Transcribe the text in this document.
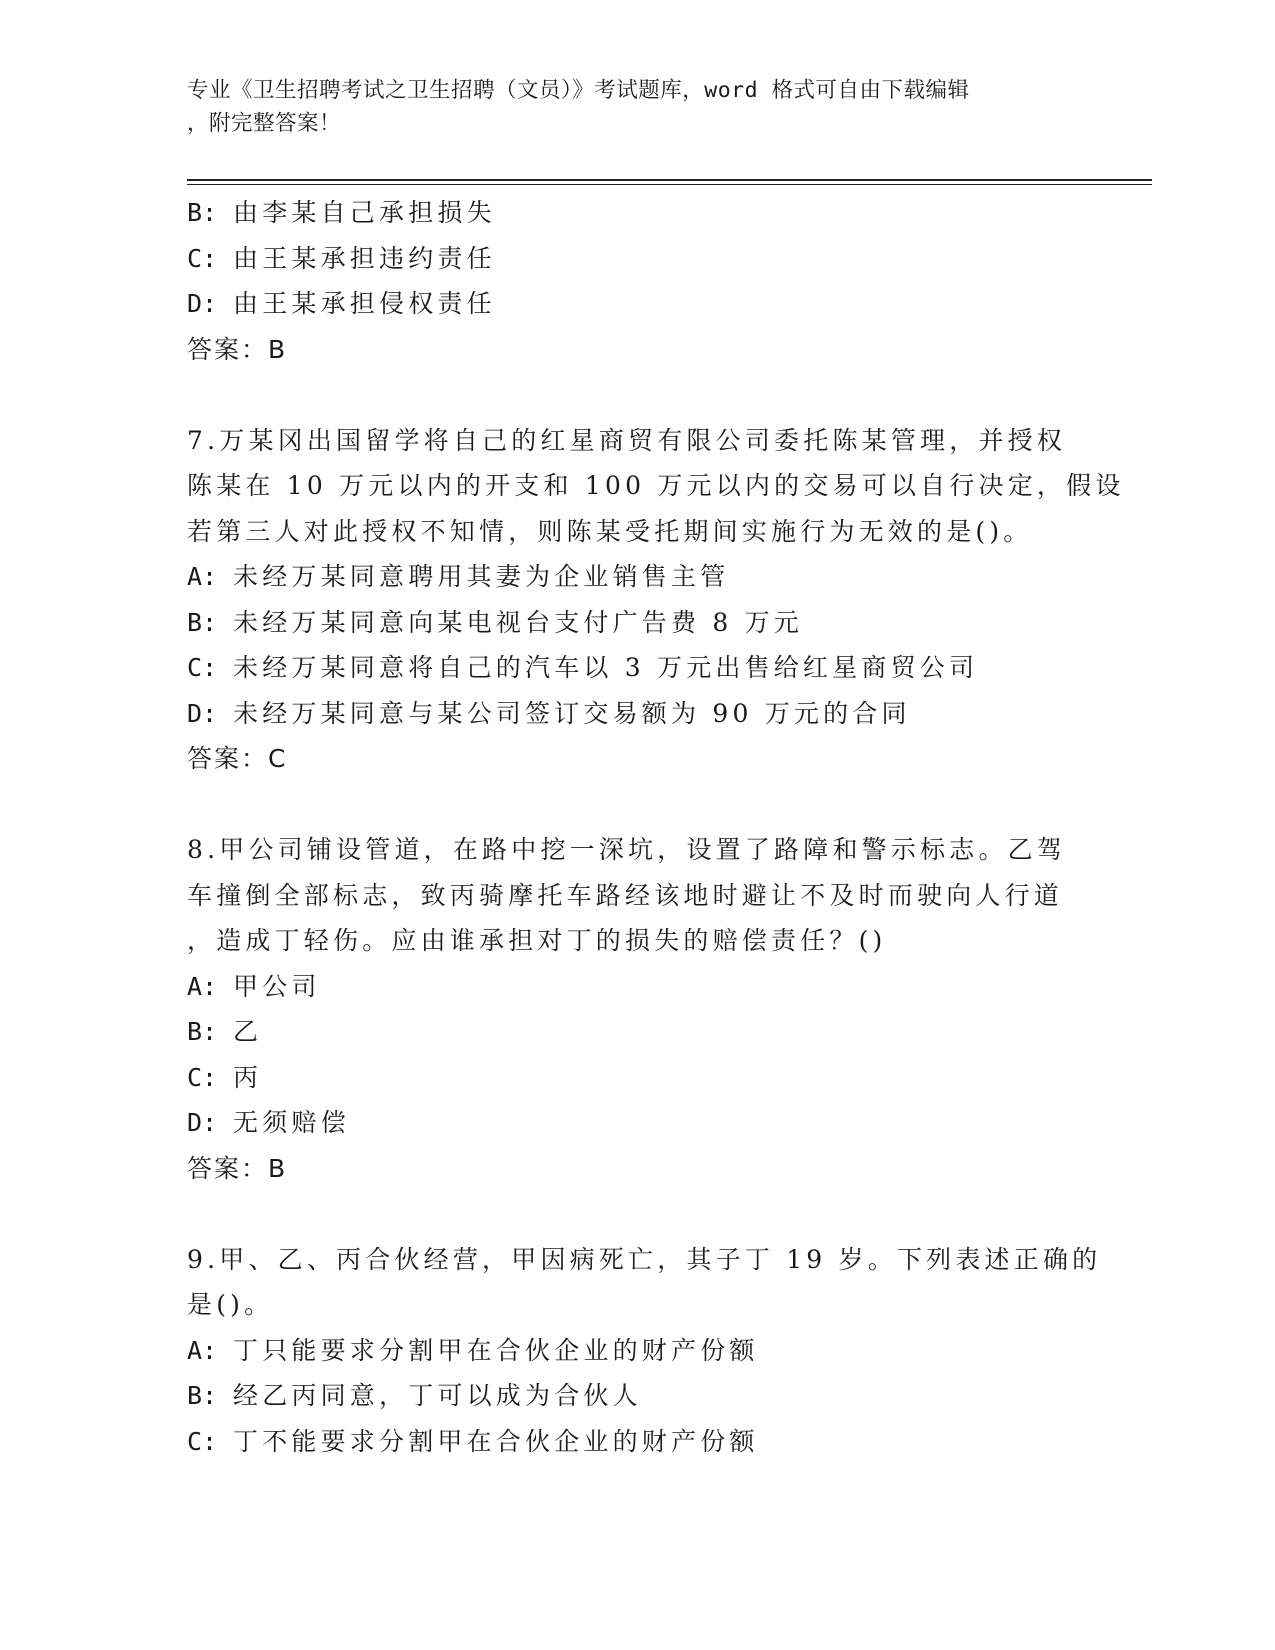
专业《卫生招聘考试之卫生招聘（文员）》考试题库，word 格式可自由下载编辑
，附完整答案！
B: 由李某自己承担损失
C: 由王某承担违约责任
D: 由王某承担侵权责任
答案：B
7.万某冈出国留学将自己的红星商贸有限公司委托陈某管理，并授权
陈某在 10 万元以内的开支和 100 万元以内的交易可以自行决定，假设
若第三人对此授权不知情，则陈某受托期间实施行为无效的是()。
A: 未经万某同意聘用其妻为企业销售主管
B: 未经万某同意向某电视台支付广告费 8 万元
C: 未经万某同意将自己的汽车以 3 万元出售给红星商贸公司
D: 未经万某同意与某公司签订交易额为 90 万元的合同
答案：C
8.甲公司铺设管道，在路中挖一深坑，设置了路障和警示标志。乙驾
车撞倒全部标志，致丙骑摩托车路经该地时避让不及时而驶向人行道
，造成丁轻伤。应由谁承担对丁的损失的赔偿责任？()
A: 甲公司
B: 乙
C: 丙
D: 无须赔偿
答案：B
9.甲、乙、丙合伙经营，甲因病死亡，其子丁 19 岁。下列表述正确的
是()。
A: 丁只能要求分割甲在合伙企业的财产份额
B: 经乙丙同意，丁可以成为合伙人
C: 丁不能要求分割甲在合伙企业的财产份额
